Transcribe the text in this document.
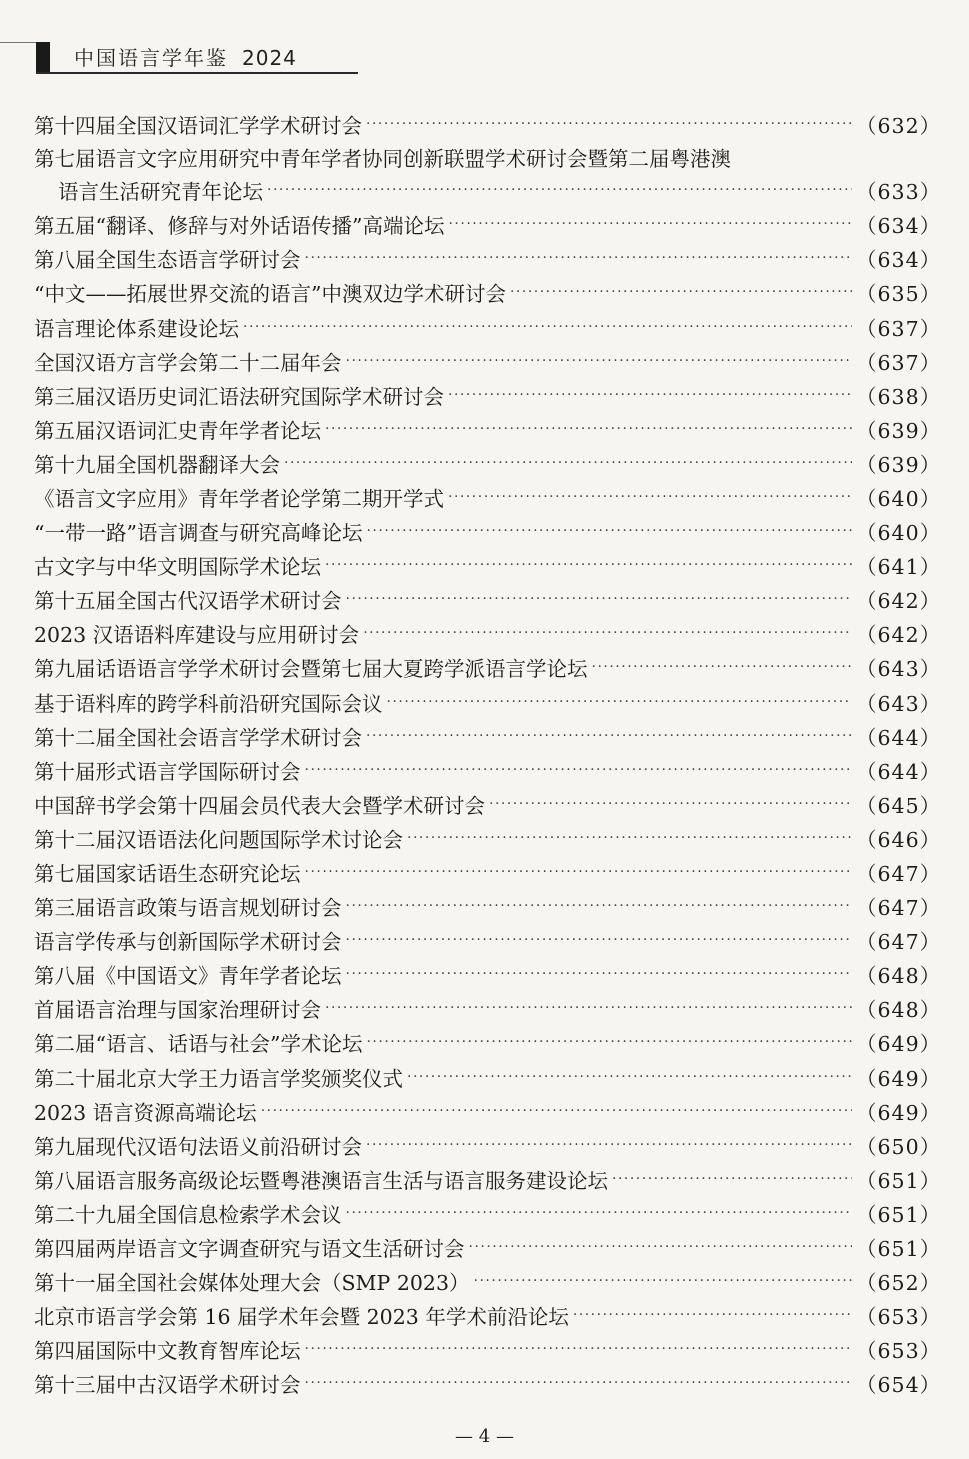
中国语言学年鉴 2024
第十四届全国汉语词汇学学术研讨会 ·····	（632）
第七届语言文字应用研究中青年学者协同创新联盟学术研讨会暨第二届粤港澳
语言生活研究青年论坛 ·····	（633）
第五届“翻译、修辞与对外话语传播”高端论坛 ·····	（634）
第八届全国生态语言学研讨会 ·····	（634）
“中文——拓展世界交流的语言”中澳双边学术研讨会 ·····	（635）
语言理论体系建设论坛 ·····	（637）
全国汉语方言学会第二十二届年会 ·····	（637）
第三届汉语历史词汇语法研究国际学术研讨会 ·····	（638）
第五届汉语词汇史青年学者论坛 ·····	（639）
第十九届全国机器翻译大会 ·····	（639）
《语言文字应用》青年学者论学第二期开学式 ·····	（640）
“一带一路”语言调查与研究高峰论坛 ·····	（640）
古文字与中华文明国际学术论坛 ·····	（641）
第十五届全国古代汉语学术研讨会 ·····	（642）
2023 汉语语料库建设与应用研讨会 ·····	（642）
第九届话语语言学学术研讨会暨第七届大夏跨学派语言学论坛 ·····	（643）
基于语料库的跨学科前沿研究国际会议 ·····	（643）
第十二届全国社会语言学学术研讨会 ·····	（644）
第十届形式语言学国际研讨会 ·····	（644）
中国辞书学会第十四届会员代表大会暨学术研讨会 ·····	（645）
第十二届汉语语法化问题国际学术讨论会 ·····	（646）
第七届国家话语生态研究论坛 ·····	（647）
第三届语言政策与语言规划研讨会 ·····	（647）
语言学传承与创新国际学术研讨会 ·····	（647）
第八届《中国语文》青年学者论坛 ·····	（648）
首届语言治理与国家治理研讨会 ·····	（648）
第二届“语言、话语与社会”学术论坛 ·····	（649）
第二十届北京大学王力语言学奖颁奖仪式 ·····	（649）
2023 语言资源高端论坛 ·····	（649）
第九届现代汉语句法语义前沿研讨会 ·····	（650）
第八届语言服务高级论坛暨粤港澳语言生活与语言服务建设论坛 ·····	（651）
第二十九届全国信息检索学术会议 ·····	（651）
第四届两岸语言文字调查研究与语文生活研讨会 ·····	（651）
第十一届全国社会媒体处理大会（SMP 2023） ·····	（652）
北京市语言学会第 16 届学术年会暨 2023 年学术前沿论坛 ·····	（653）
第四届国际中文教育智库论坛 ·····	（653）
第十三届中古汉语学术研讨会 ·····	（654）
— 4 —
